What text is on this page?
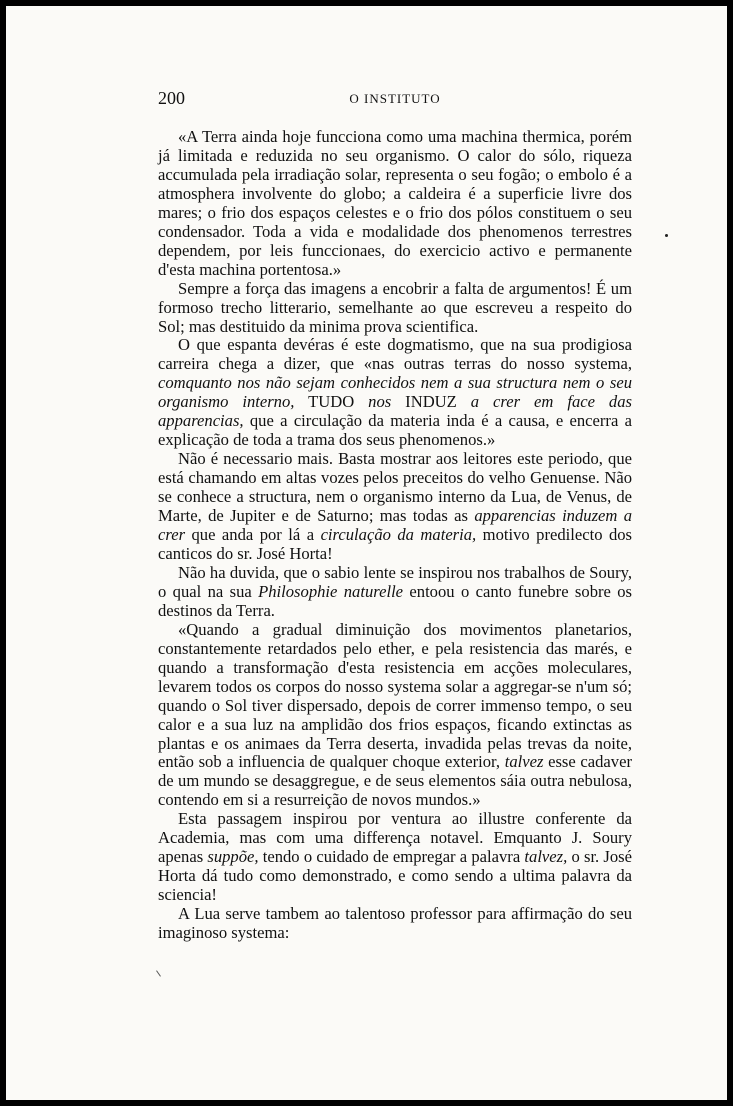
200	O INSTITUTO

«A Terra ainda hoje funcciona como uma machina thermica, porém já limitada e reduzida no seu organismo. O calor do sólo, riqueza accumulada pela irradiação solar, representa o seu fogão; o embolo é a atmosphera involvente do globo; a caldeira é a superficie livre dos mares; o frio dos espaços celestes e o frio dos pólos constituem o seu condensador. Toda a vida e modalidade dos phenomenos terrestres dependem, por leis funccionaes, do exercicio activo e permanente d'esta machina portentosa.»

Sempre a força das imagens a encobrir a falta de argumentos! É um formoso trecho litterario, semelhante ao que escreveu a respeito do Sol; mas destituido da minima prova scientifica.

O que espanta devéras é este dogmatismo, que na sua prodigiosa carreira chega a dizer, que «nas outras terras do nosso systema, comquanto nos não sejam conhecidos nem a sua structura nem o seu organismo interno, TUDO nos INDUZ a crer em face das apparencias, que a circulação da materia inda é a causa, e encerra a explicação de toda a trama dos seus phenomenos.»

Não é necessario mais. Basta mostrar aos leitores este periodo, que está chamando em altas vozes pelos preceitos do velho Genuense. Não se conhece a structura, nem o organismo interno da Lua, de Venus, de Marte, de Jupiter e de Saturno; mas todas as apparencias induzem a crer que anda por lá a circulação da materia, motivo predilecto dos canticos do sr. José Horta!

Não ha duvida, que o sabio lente se inspirou nos trabalhos de Soury, o qual na sua Philosophie naturelle entoou o canto funebre sobre os destinos da Terra.

«Quando a gradual diminuição dos movimentos planetarios, constantemente retardados pelo ether, e pela resistencia das marés, e quando a transformação d'esta resistencia em acções moleculares, levarem todos os corpos do nosso systema solar a aggregar-se n'um só; quando o Sol tiver dispersado, depois de correr immenso tempo, o seu calor e a sua luz na amplidão dos frios espaços, ficando extinctas as plantas e os animaes da Terra deserta, invadida pelas trevas da noite, então sob a influencia de qualquer choque exterior, talvez esse cadaver de um mundo se desaggregue, e de seus elementos sáia outra nebulosa, contendo em si a resurreição de novos mundos.»

Esta passagem inspirou por ventura ao illustre conferente da Academia, mas com uma differença notavel. Emquanto J. Soury apenas suppõe, tendo o cuidado de empregar a palavra talvez, o sr. José Horta dá tudo como demonstrado, e como sendo a ultima palavra da sciencia!

A Lua serve tambem ao talentoso professor para affirmação do seu imaginoso systema:
